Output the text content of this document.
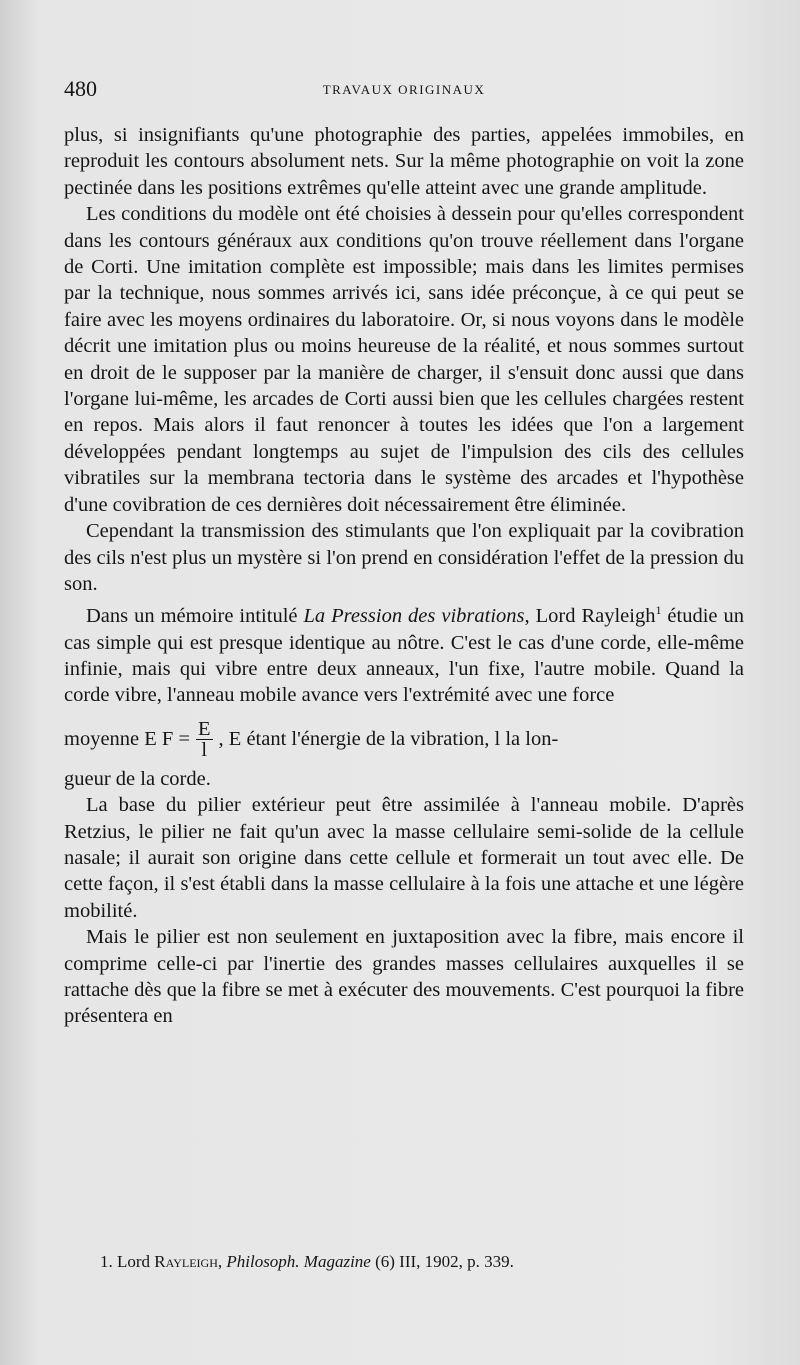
480	TRAVAUX ORIGINAUX

plus, si insignifiants qu'une photographie des parties, appelées immobiles, en reproduit les contours absolument nets. Sur la même photographie on voit la zone pectinée dans les positions extrêmes qu'elle atteint avec une grande amplitude.

Les conditions du modèle ont été choisies à dessein pour qu'elles correspondent dans les contours généraux aux conditions qu'on trouve réellement dans l'organe de Corti. Une imitation complète est impossible; mais dans les limites permises par la technique, nous sommes arrivés ici, sans idée préconçue, à ce qui peut se faire avec les moyens ordinaires du laboratoire. Or, si nous voyons dans le modèle décrit une imitation plus ou moins heureuse de la réalité, et nous sommes surtout en droit de le supposer par la manière de charger, il s'ensuit donc aussi que dans l'organe lui-même, les arcades de Corti aussi bien que les cellules chargées restent en repos. Mais alors il faut renoncer à toutes les idées que l'on a largement développées pendant longtemps au sujet de l'impulsion des cils des cellules vibratiles sur la membrana tectoria dans le système des arcades et l'hypothèse d'une covibration de ces dernières doit nécessairement être éliminée.

Cependant la transmission des stimulants que l'on expliquait par la covibration des cils n'est plus un mystère si l'on prend en considération l'effet de la pression du son.

Dans un mémoire intitulé La Pression des vibrations, Lord Rayleigh$^1$ étudie un cas simple qui est presque identique au nôtre. C'est le cas d'une corde, elle-même infinie, mais qui vibre entre deux anneaux, l'un fixe, l'autre mobile. Quand la corde vibre, l'anneau mobile avance vers l'extrémité avec une force

moyenne E $F = \frac{E}{l}$ , E étant l'énergie de la vibration, l la lon-

gueur de la corde.

La base du pilier extérieur peut être assimilée à l'anneau mobile. D'après Retzius, le pilier ne fait qu'un avec la masse cellulaire semi-solide de la cellule nasale; il aurait son origine dans cette cellule et formerait un tout avec elle. De cette façon, il s'est établi dans la masse cellulaire à la fois une attache et une légère mobilité.

Mais le pilier est non seulement en juxtaposition avec la fibre, mais encore il comprime celle-ci par l'inertie des grandes masses cellulaires auxquelles il se rattache dès que la fibre se met à exécuter des mouvements. C'est pourquoi la fibre présentera en

1. Lord Rayleigh, Philosoph. Magazine (6) III, 1902, p. 339.
